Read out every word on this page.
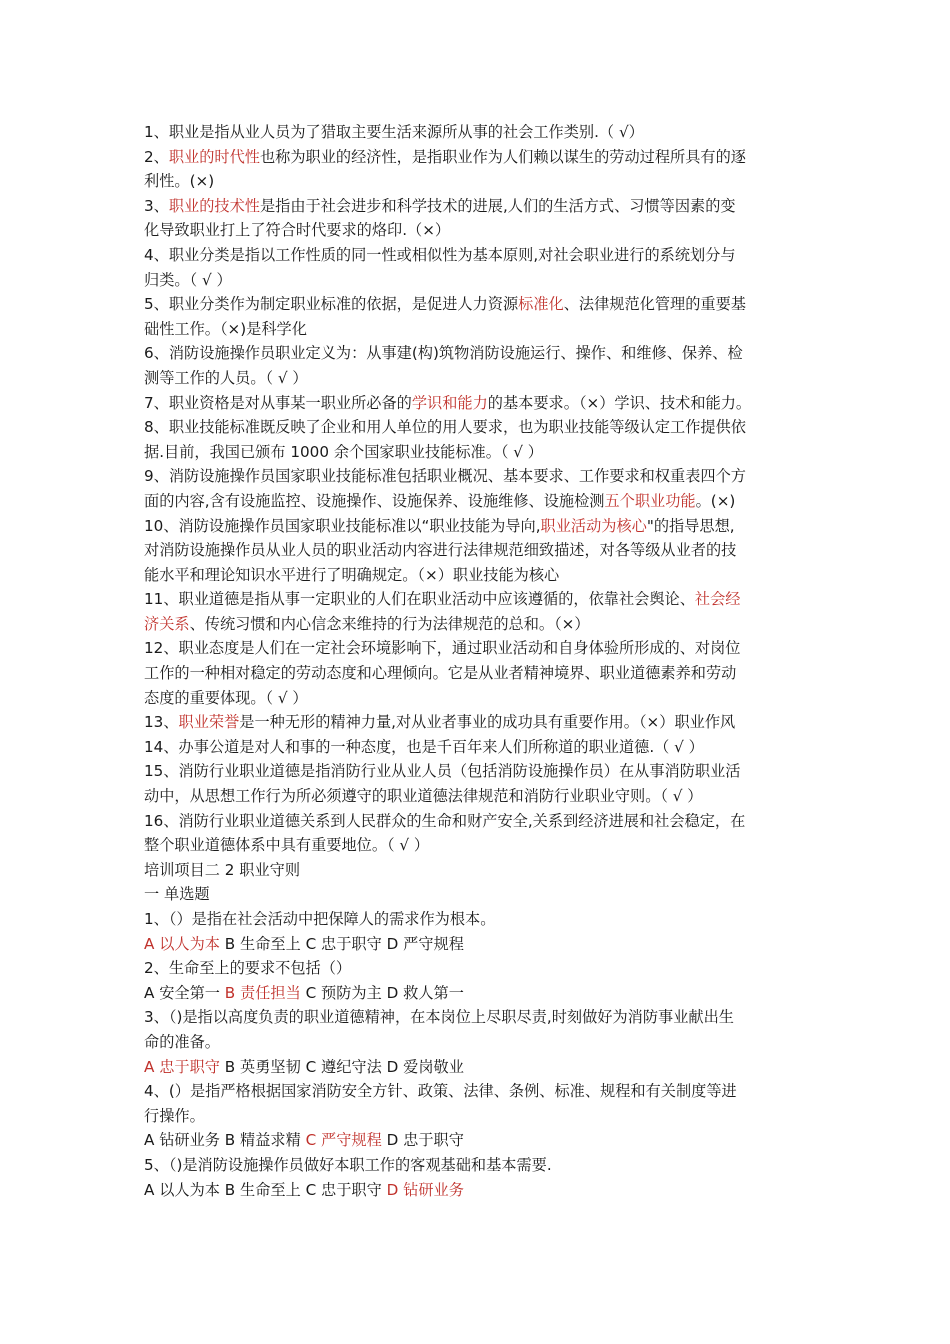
1、职业是指从业人员为了猎取主要生活来源所从事的社会工作类别.（ √）
2、职业的时代性也称为职业的经济性，是指职业作为人们赖以谋生的劳动过程所具有的逐
利性。(×)
3、职业的技术性是指由于社会进步和科学技术的进展,人们的生活方式、习惯等因素的变
化导致职业打上了符合时代要求的烙印.（×）
4、职业分类是指以工作性质的同一性或相似性为基本原则,对社会职业进行的系统划分与
归类。（ √ ）
5、职业分类作为制定职业标准的依据，是促进人力资源标准化、法律规范化管理的重要基
础性工作。（×)是科学化
6、消防设施操作员职业定义为：从事建(构)筑物消防设施运行、操作、和维修、保养、检
测等工作的人员。（ √ ）
7、职业资格是对从事某一职业所必备的学识和能力的基本要求。（×）学识、技术和能力。
8、职业技能标准既反映了企业和用人单位的用人要求，也为职业技能等级认定工作提供依
据.目前，我国已颁布 1000 余个国家职业技能标准。（ √ ）
9、消防设施操作员国家职业技能标准包括职业概况、基本要求、工作要求和权重表四个方
面的内容,含有设施监控、设施操作、设施保养、设施维修、设施检测五个职业功能。(×)
10、消防设施操作员国家职业技能标准以“职业技能为导向,职业活动为核心"的指导思想,
对消防设施操作员从业人员的职业活动内容进行法律规范细致描述，对各等级从业者的技
能水平和理论知识水平进行了明确规定。（×）职业技能为核心
11、职业道德是指从事一定职业的人们在职业活动中应该遵循的，依靠社会舆论、社会经
济关系、传统习惯和内心信念来维持的行为法律规范的总和。（×）
12、职业态度是人们在一定社会环境影响下，通过职业活动和自身体验所形成的、对岗位
工作的一种相对稳定的劳动态度和心理倾向。它是从业者精神境界、职业道德素养和劳动
态度的重要体现。（ √ ）
13、职业荣誉是一种无形的精神力量,对从业者事业的成功具有重要作用。（×）职业作风
14、办事公道是对人和事的一种态度，也是千百年来人们所称道的职业道德.（ √ ）
15、消防行业职业道德是指消防行业从业人员（包括消防设施操作员）在从事消防职业活
动中，从思想工作行为所必须遵守的职业道德法律规范和消防行业职业守则。（ √ ）
16、消防行业职业道德关系到人民群众的生命和财产安全,关系到经济进展和社会稳定，在
整个职业道德体系中具有重要地位。（ √ ）
培训项目二 2 职业守则
一 单选题
1、（）是指在社会活动中把保障人的需求作为根本。
A 以人为本 B 生命至上 C 忠于职守 D 严守规程
2、生命至上的要求不包括（）
A 安全第一 B 责任担当 C 预防为主 D 救人第一
3、（)是指以高度负责的职业道德精神，在本岗位上尽职尽责,时刻做好为消防事业献出生
命的准备。
A 忠于职守 B 英勇坚韧 C 遵纪守法 D 爱岗敬业
4、(）是指严格根据国家消防安全方针、政策、法律、条例、标准、规程和有关制度等进
行操作。
A 钻研业务 B 精益求精 C 严守规程 D 忠于职守
5、（)是消防设施操作员做好本职工作的客观基础和基本需要.
A 以人为本 B 生命至上 C 忠于职守 D 钻研业务
